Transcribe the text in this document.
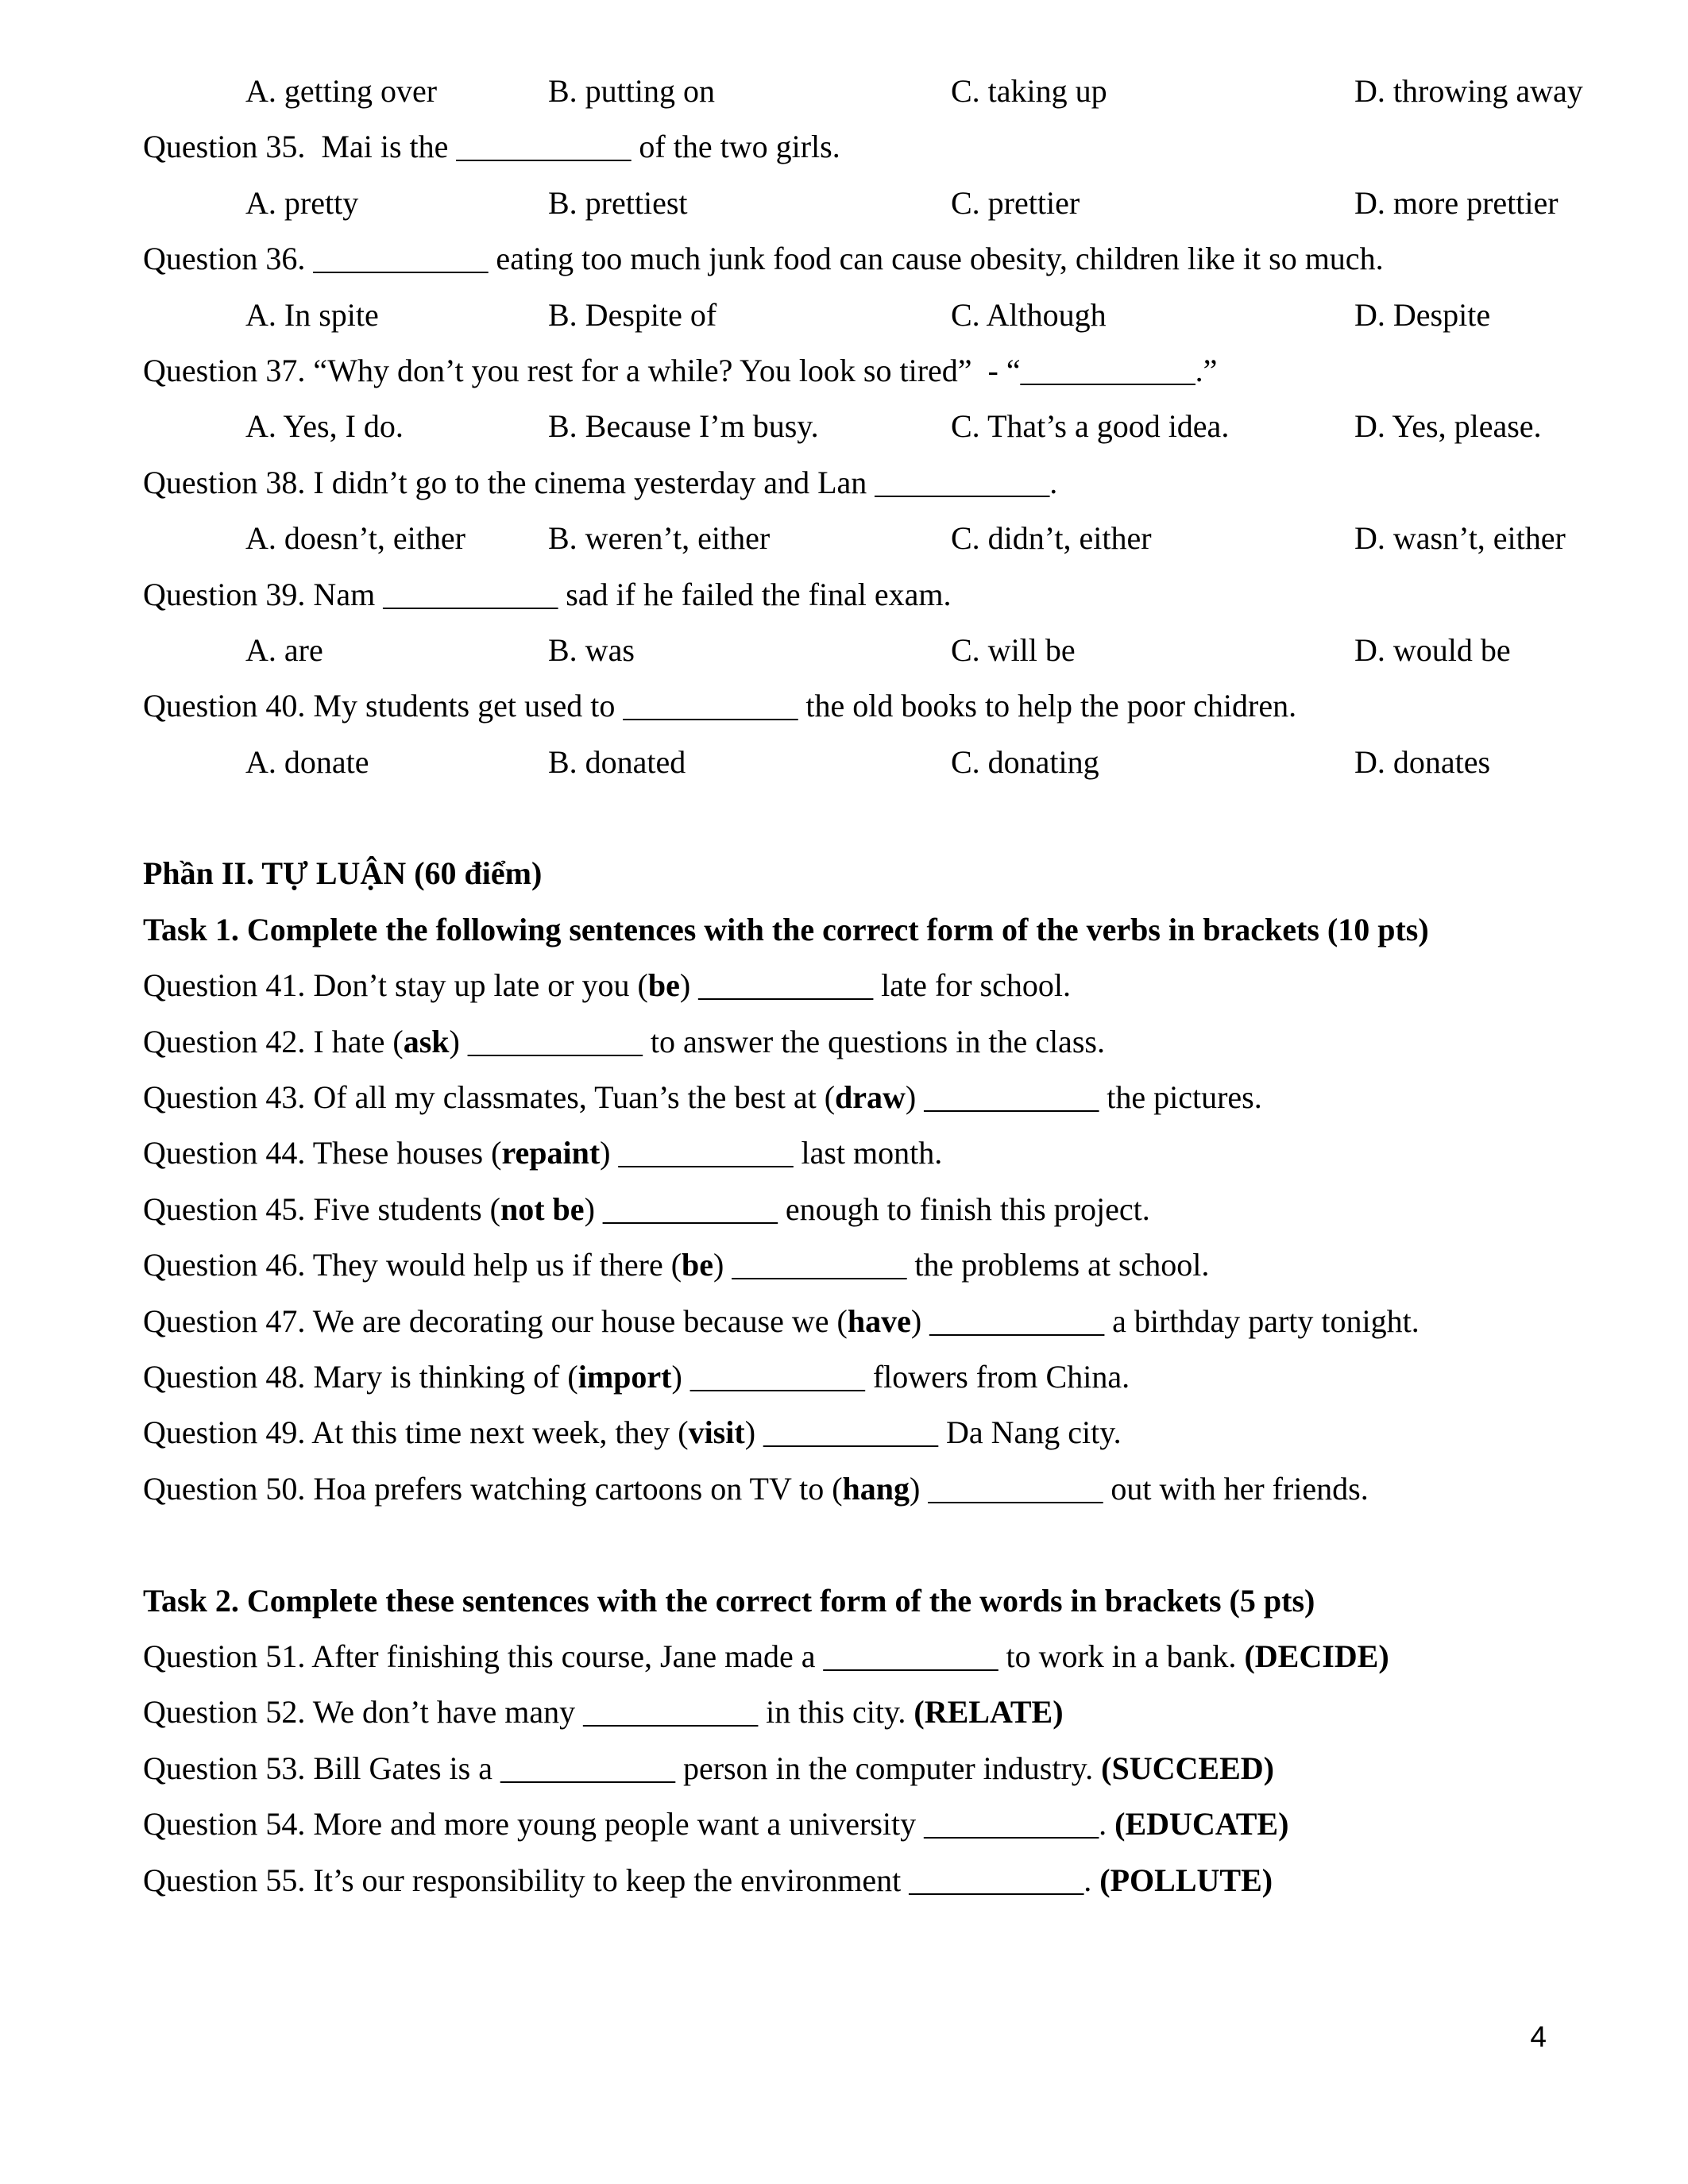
A. getting over

	B. putting on

	C. taking up

	D. throwing away

Question 35.  Mai is the ___________ of the two girls.

A. pretty

	B. prettiest

	C. prettier

	D. more prettier

Question 36. ___________ eating too much junk food can cause obesity, children like it so much.

A. In spite

	B. Despite of

	C. Although

	D. Despite

Question 37. “Why don’t you rest for a while? You look so tired”  - “___________.”

A. Yes, I do.

	B. Because I’m busy.

	C. That’s a good idea.

	D. Yes, please.

Question 38. I didn’t go to the cinema yesterday and Lan ___________.

A. doesn’t, either

	B. weren’t, either

	C. didn’t, either

	D. wasn’t, either

Question 39. Nam ___________ sad if he failed the final exam.

A. are

	B. was

	C. will be

	D. would be

Question 40. My students get used to ___________ the old books to help the poor chidren.

A. donate

	B. donated

	C. donating

	D. donates

Phần II. TỰ LUẬN (60 điểm)
Task 1. Complete the following sentences with the correct form of the verbs in brackets (10 pts)
Question 41. Don’t stay up late or you (be) ___________ late for school.
Question 42. I hate (ask) ___________ to answer the questions in the class.
Question 43. Of all my classmates, Tuan’s the best at (draw) ___________ the pictures.
Question 44. These houses (repaint) ___________ last month.
Question 45. Five students (not be) ___________ enough to finish this project.
Question 46. They would help us if there (be) ___________ the problems at school.
Question 47. We are decorating our house because we (have) ___________ a birthday party tonight.
Question 48. Mary is thinking of (import) ___________ flowers from China.
Question 49. At this time next week, they (visit) ___________ Da Nang city.
Question 50. Hoa prefers watching cartoons on TV to (hang) ___________ out with her friends.
Task 2. Complete these sentences with the correct form of the words in brackets (5 pts)
Question 51. After finishing this course, Jane made a ___________ to work in a bank. (DECIDE)
Question 52. We don’t have many ___________ in this city. (RELATE)
Question 53. Bill Gates is a ___________ person in the computer industry. (SUCCEED)
Question 54. More and more young people want a university ___________. (EDUCATE)
Question 55. It’s our responsibility to keep the environment ___________. (POLLUTE)
4
